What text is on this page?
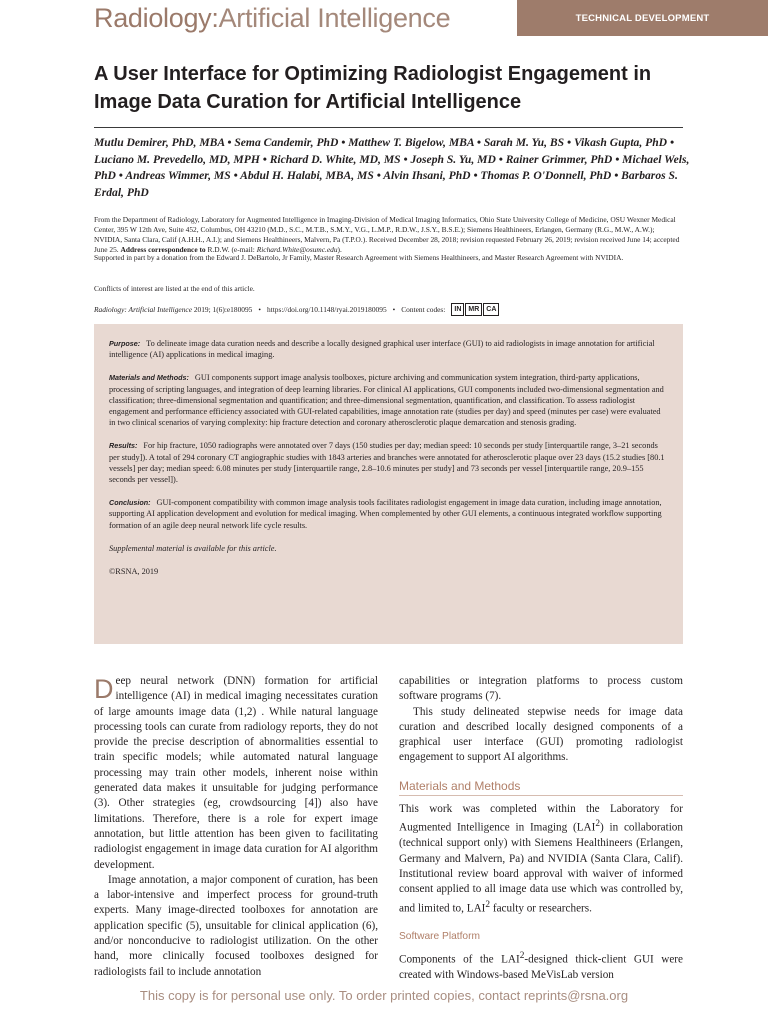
Radiology:Artificial Intelligence	TECHNICAL DEVELOPMENT
A User Interface for Optimizing Radiologist Engagement in Image Data Curation for Artificial Intelligence
Mutlu Demirer, PhD, MBA • Sema Candemir, PhD • Matthew T. Bigelow, MBA • Sarah M. Yu, BS • Vikash Gupta, PhD • Luciano M. Prevedello, MD, MPH • Richard D. White, MD, MS • Joseph S. Yu, MD • Rainer Grimmer, PhD • Michael Wels, PhD • Andreas Wimmer, MS • Abdul H. Halabi, MBA, MS • Alvin Ihsani, PhD • Thomas P. O'Donnell, PhD • Barbaros S. Erdal, PhD
From the Department of Radiology, Laboratory for Augmented Intelligence in Imaging-Division of Medical Imaging Informatics, Ohio State University College of Medicine, OSU Wexner Medical Center, 395 W 12th Ave, Suite 452, Columbus, OH 43210 (M.D., S.C., M.T.B., S.M.Y., V.G., L.M.P., R.D.W., J.S.Y., B.S.E.); Siemens Healthineers, Erlangen, Germany (R.G., M.W., A.W.); NVIDIA, Santa Clara, Calif (A.H.H., A.I.); and Siemens Healthineers, Malvern, Pa (T.P.O.). Received December 28, 2018; revision requested February 26, 2019; revision received June 14; accepted June 25. Address correspondence to R.D.W. (e-mail: Richard.White@osumc.edu).
Supported in part by a donation from the Edward J. DeBartolo, Jr Family, Master Research Agreement with Siemens Healthineers, and Master Research Agreement with NVIDIA.
Conflicts of interest are listed at the end of this article.
Radiology: Artificial Intelligence 2019; 1(6):e180095 • https://doi.org/10.1148/ryai.2019180095 • Content codes:	IN	MR	CA

Purpose: To delineate image data curation needs and describe a locally designed graphical user interface (GUI) to aid radiologists in image annotation for artificial intelligence (AI) applications in medical imaging.

Materials and Methods: GUI components support image analysis toolboxes, picture archiving and communication system integration, third-party applications, processing of scripting languages, and integration of deep learning libraries. For clinical AI applications, GUI components included two-dimensional segmentation and classification; three-dimensional segmentation and quantification; and three-dimensional segmentation, quantification, and classification. To assess radiologist engagement and performance efficiency associated with GUI-related capabilities, image annotation rate (studies per day) and speed (minutes per case) were evaluated in two clinical scenarios of varying complexity: hip fracture detection and coronary atherosclerotic plaque demarcation and stenosis grading.

Results: For hip fracture, 1050 radiographs were annotated over 7 days (150 studies per day; median speed: 10 seconds per study [interquartile range, 3–21 seconds per study]). A total of 294 coronary CT angiographic studies with 1843 arteries and branches were annotated for atherosclerotic plaque over 23 days (15.2 studies [80.1 vessels] per day; median speed: 6.08 minutes per study [interquartile range, 2.8–10.6 minutes per study] and 73 seconds per vessel [interquartile range, 20.9–155 seconds per vessel]).

Conclusion: GUI-component compatibility with common image analysis tools facilitates radiologist engagement in image data curation, including image annotation, supporting AI application development and evolution for medical imaging. When complemented by other GUI elements, a continuous integrated workflow supporting formation of an agile deep neural network life cycle results.

Supplemental material is available for this article.

©RSNA, 2019

Deep neural network (DNN) formation for artificial intelligence (AI) in medical imaging necessitates curation of large amounts image data (1,2) . While natural language processing tools can curate from radiology reports, they do not provide the precise description of abnormalities essential to train specific models; while automated natural language processing may train other models, inherent noise within generated data makes it unsuitable for judging performance (3). Other strategies (eg, crowdsourcing [4]) also have limitations. Therefore, there is a role for expert image annotation, but little attention has been given to facilitating radiologist engagement in image data curation for AI algorithm development.

Image annotation, a major component of curation, has been a labor-intensive and imperfect process for ground-truth experts. Many image-directed toolboxes for annotation are application specific (5), unsuitable for clinical application (6), and/or nonconducive to radiologist utilization. On the other hand, more clinically focused toolboxes designed for radiologists fail to include annotation

capabilities or integration platforms to process custom software programs (7).

This study delineated stepwise needs for image data curation and described locally designed components of a graphical user interface (GUI) promoting radiologist engagement to support AI algorithms.

Materials and Methods

This work was completed within the Laboratory for Augmented Intelligence in Imaging (LAI$^2$) in collaboration (technical support only) with Siemens Healthineers (Erlangen, Germany and Malvern, Pa) and NVIDIA (Santa Clara, Calif). Institutional review board approval with waiver of informed consent applied to all image data use which was controlled by, and limited to, LAI$^2$ faculty or researchers.

Software Platform

Components of the LAI$^2$-designed thick-client GUI were created with Windows-based MeVisLab version

This copy is for personal use only. To order printed copies, contact reprints@rsna.org
